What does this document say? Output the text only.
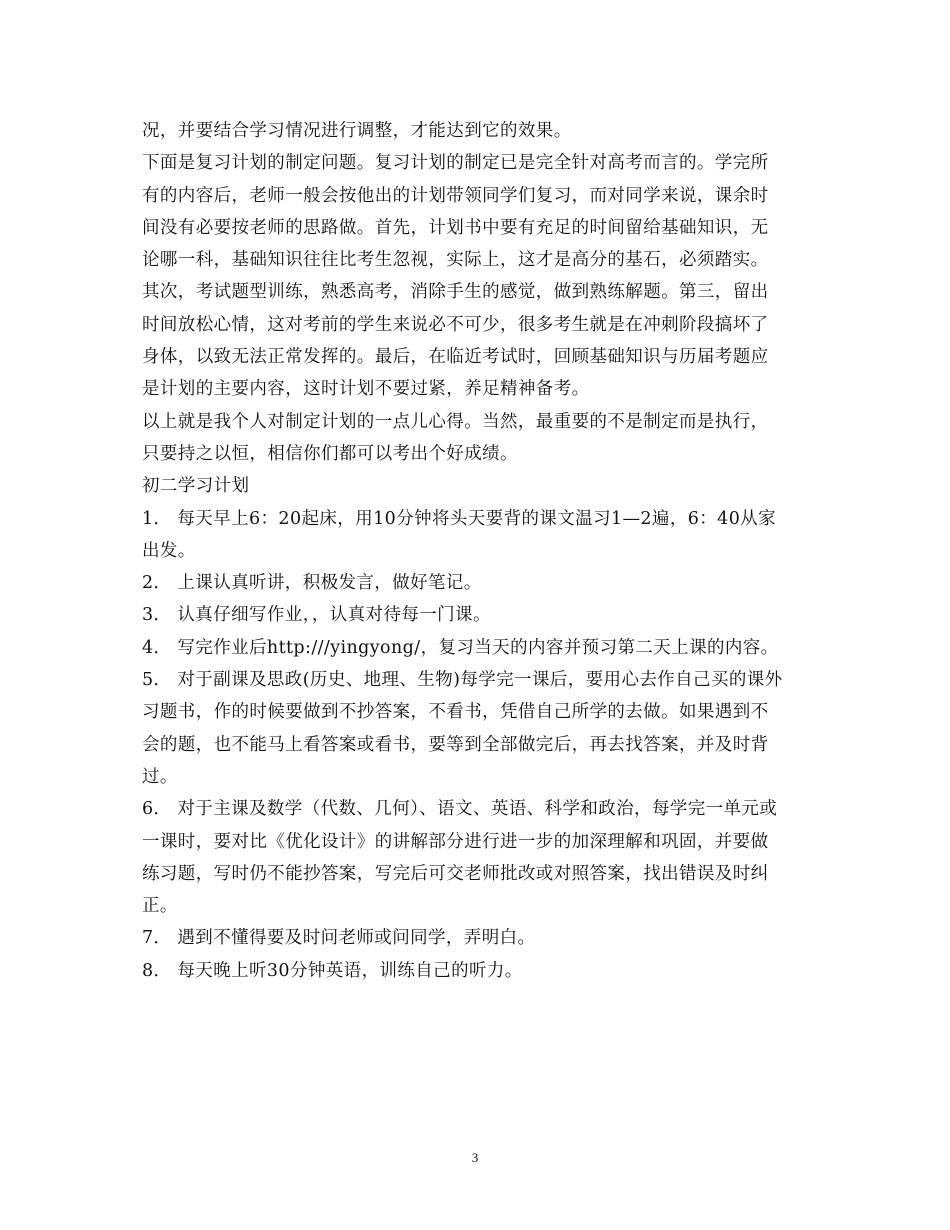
况，并要结合学习情况进行调整，才能达到它的效果。
下面是复习计划的制定问题。复习计划的制定已是完全针对高考而言的。学完所
有的内容后，老师一般会按他出的计划带领同学们复习，而对同学来说，课余时
间没有必要按老师的思路做。首先，计划书中要有充足的时间留给基础知识，无
论哪一科，基础知识往往比考生忽视，实际上，这才是高分的基石，必须踏实。
其次，考试题型训练，熟悉高考，消除手生的感觉，做到熟练解题。第三，留出
时间放松心情，这对考前的学生来说必不可少，很多考生就是在冲刺阶段搞坏了
身体，以致无法正常发挥的。最后，在临近考试时，回顾基础知识与历届考题应
是计划的主要内容，这时计划不要过紧，养足精神备考。
以上就是我个人对制定计划的一点儿心得。当然，最重要的不是制定而是执行，
只要持之以恒，相信你们都可以考出个好成绩。
初二学习计划
1． 每天早上6：20起床，用10分钟将头天要背的课文温习1—2遍，6：40从家
出发。
2． 上课认真听讲，积极发言，做好笔记。
3． 认真仔细写作业，，认真对待每一门课。
4． 写完作业后http:///yingyong/，复习当天的内容并预习第二天上课的内容。
5． 对于副课及思政(历史、地理、生物)每学完一课后，要用心去作自己买的课外
习题书，作的时候要做到不抄答案，不看书，凭借自己所学的去做。如果遇到不
会的题，也不能马上看答案或看书，要等到全部做完后，再去找答案，并及时背
过。
6． 对于主课及数学（代数、几何）、语文、英语、科学和政治，每学完一单元或
一课时，要对比《优化设计》的讲解部分进行进一步的加深理解和巩固，并要做
练习题，写时仍不能抄答案，写完后可交老师批改或对照答案，找出错误及时纠
正。
7． 遇到不懂得要及时问老师或问同学，弄明白。
8． 每天晚上听30分钟英语，训练自己的听力。
3
